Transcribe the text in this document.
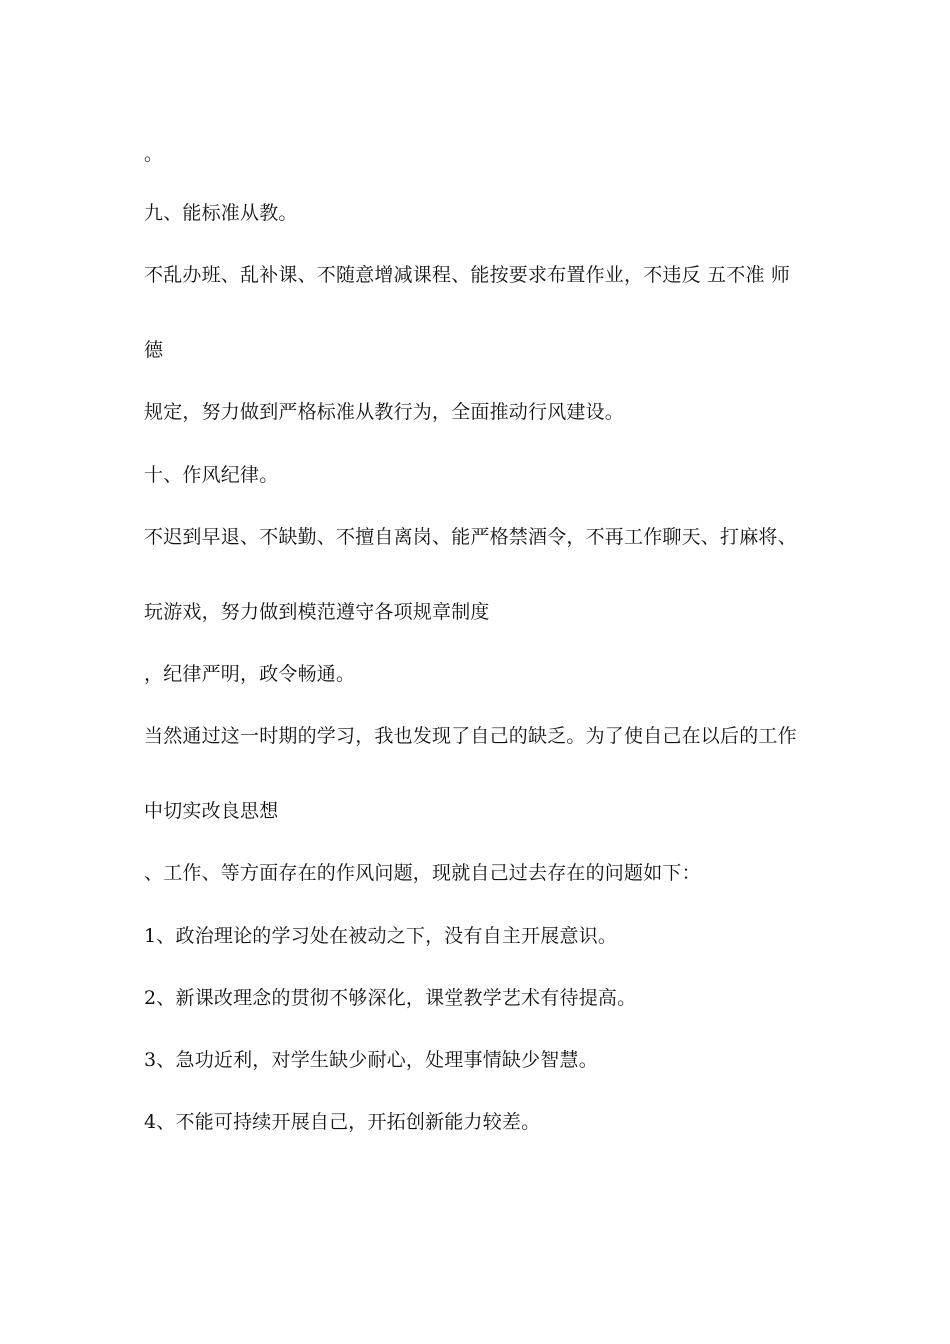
。
九、能标准从教。
不乱办班、乱补课、不随意增减课程、能按要求布置作业，不违反 五不准 师
德
规定，努力做到严格标准从教行为，全面推动行风建设。
十、作风纪律。
不迟到早退、不缺勤、不擅自离岗、能严格禁酒令，不再工作聊天、打麻将、
玩游戏，努力做到模范遵守各项规章制度
，纪律严明，政令畅通。
当然通过这一时期的学习，我也发现了自己的缺乏。为了使自己在以后的工作
中切实改良思想
、工作、等方面存在的作风问题，现就自己过去存在的问题如下：
1、政治理论的学习处在被动之下，没有自主开展意识。
2、新课改理念的贯彻不够深化，课堂教学艺术有待提高。
3、急功近利，对学生缺少耐心，处理事情缺少智慧。
4、不能可持续开展自己，开拓创新能力较差。
